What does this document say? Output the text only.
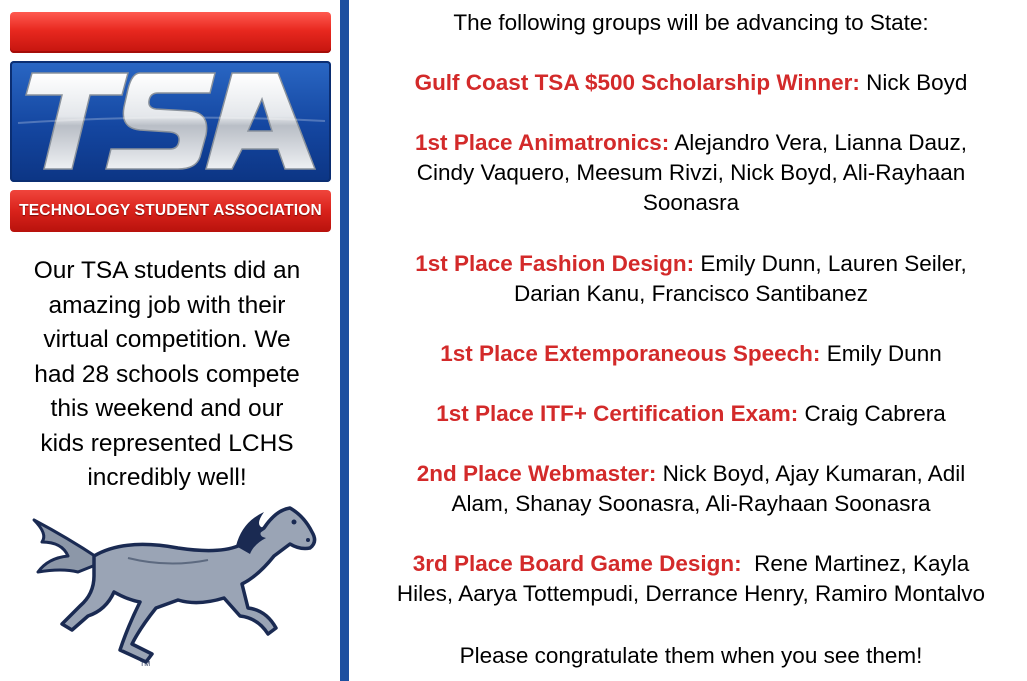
TECHNOLOGY STUDENT ASSOCIATION
Our TSA students did an
amazing job with their
virtual competition. We
had 28 schools compete
this weekend and our
kids represented LCHS
incredibly well!
TM
The following groups will be advancing to State:
Gulf Coast TSA $500 Scholarship Winner: Nick Boyd
1st Place Animatronics: Alejandro Vera, Lianna Dauz,
Cindy Vaquero, Meesum Rivzi, Nick Boyd, Ali-Rayhaan
Soonasra
1st Place Fashion Design: Emily Dunn, Lauren Seiler,
Darian Kanu, Francisco Santibanez
1st Place Extemporaneous Speech: Emily Dunn
1st Place ITF+ Certification Exam: Craig Cabrera
2nd Place Webmaster: Nick Boyd, Ajay Kumaran, Adil
Alam, Shanay Soonasra, Ali-Rayhaan Soonasra
3rd Place Board Game Design:  Rene Martinez, Kayla
Hiles, Aarya Tottempudi, Derrance Henry, Ramiro Montalvo
Please congratulate them when you see them!
